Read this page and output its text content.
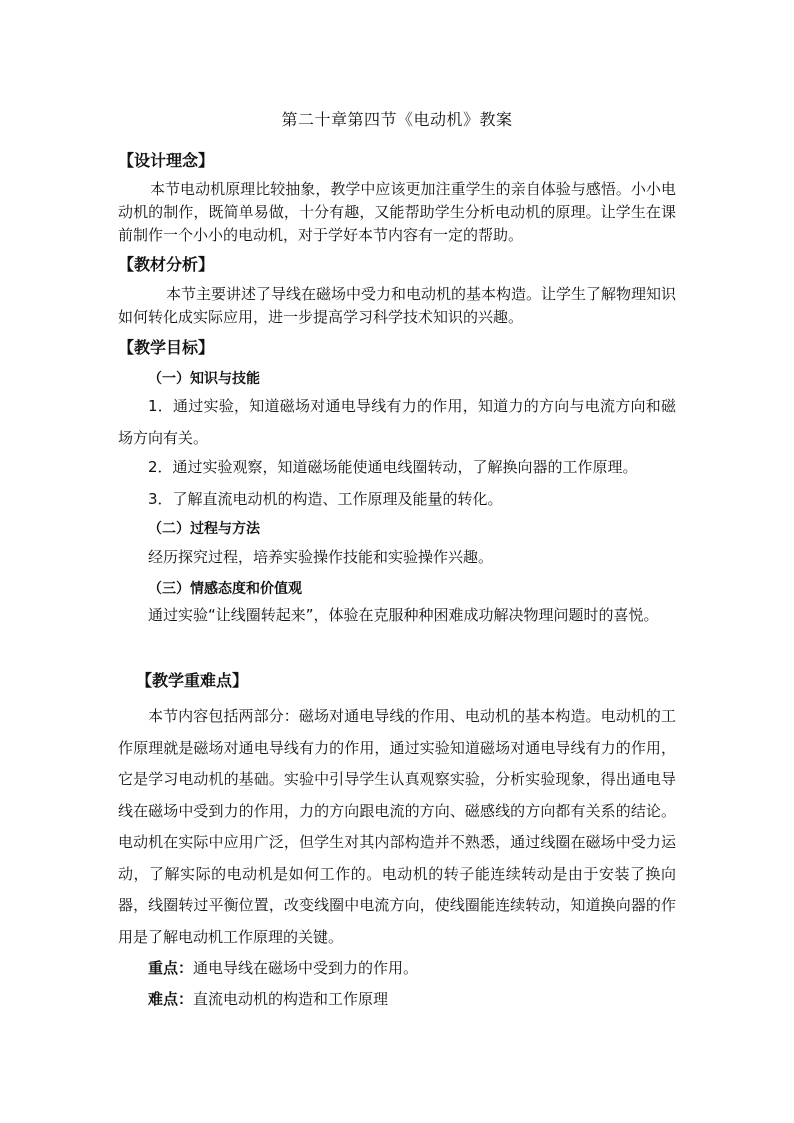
第二十章第四节《电动机》教案
【设计理念】
本节电动机原理比较抽象，教学中应该更加注重学生的亲自体验与感悟。小小电动机的制作，既简单易做，十分有趣，又能帮助学生分析电动机的原理。让学生在课前制作一个小小的电动机，对于学好本节内容有一定的帮助。
【教材分析】
本节主要讲述了导线在磁场中受力和电动机的基本构造。让学生了解物理知识如何转化成实际应用，进一步提高学习科学技术知识的兴趣。
【教学目标】
（一）知识与技能
1．通过实验，知道磁场对通电导线有力的作用，知道力的方向与电流方向和磁场方向有关。
2．通过实验观察，知道磁场能使通电线圈转动，了解换向器的工作原理。
3．了解直流电动机的构造、工作原理及能量的转化。
（二）过程与方法
经历探究过程，培养实验操作技能和实验操作兴趣。
（三）情感态度和价值观
通过实验“让线圈转起来”，体验在克服种种困难成功解决物理问题时的喜悦。
【教学重难点】
本节内容包括两部分：磁场对通电导线的作用、电动机的基本构造。电动机的工作原理就是磁场对通电导线有力的作用，通过实验知道磁场对通电导线有力的作用，它是学习电动机的基础。实验中引导学生认真观察实验，分析实验现象，得出通电导线在磁场中受到力的作用，力的方向跟电流的方向、磁感线的方向都有关系的结论。电动机在实际中应用广泛，但学生对其内部构造并不熟悉，通过线圈在磁场中受力运动，了解实际的电动机是如何工作的。电动机的转子能连续转动是由于安装了换向器，线圈转过平衡位置，改变线圈中电流方向，使线圈能连续转动，知道换向器的作用是了解电动机工作原理的关键。
重点：通电导线在磁场中受到力的作用。
难点：直流电动机的构造和工作原理
